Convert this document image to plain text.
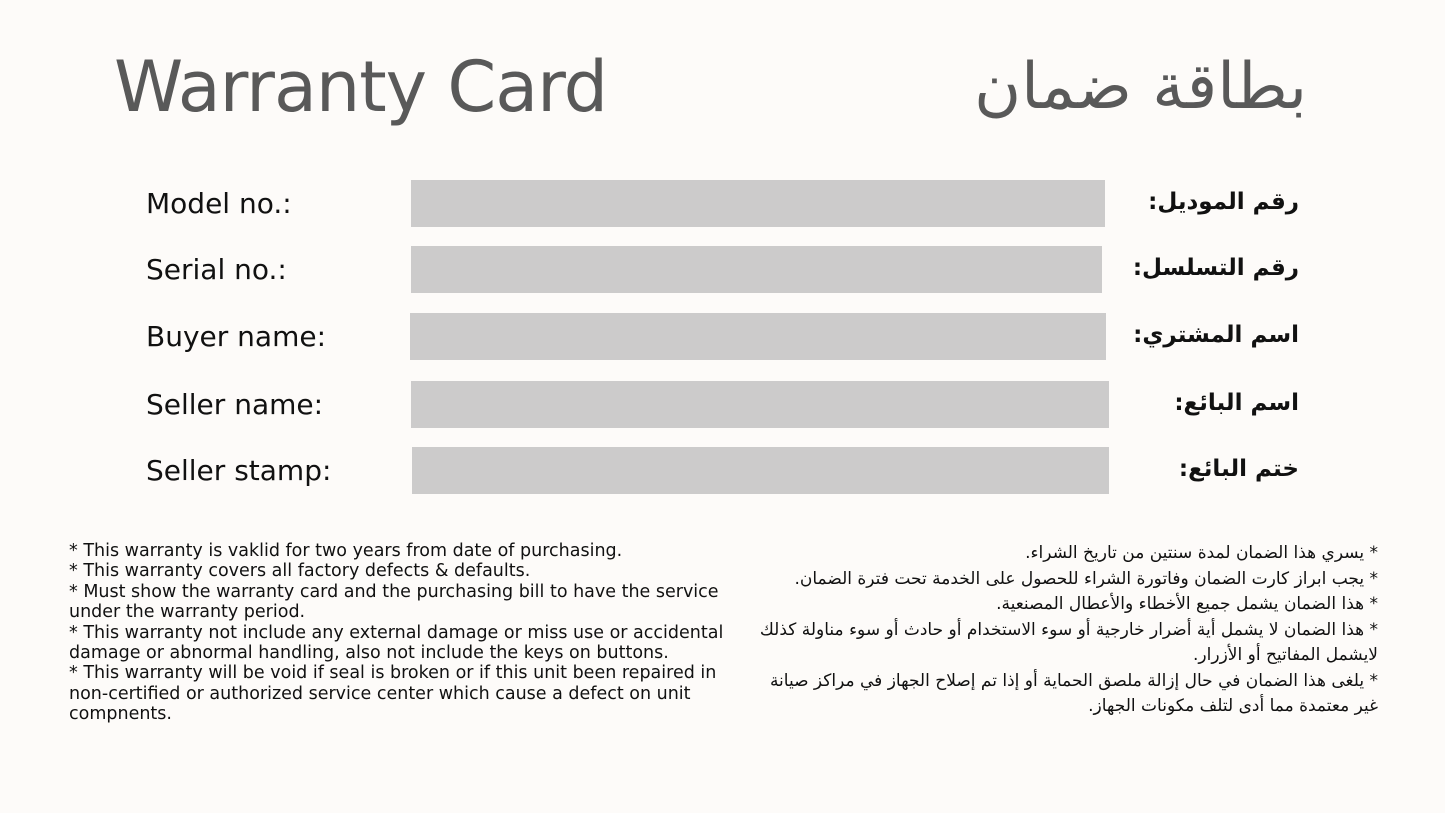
Warranty Card	بطاقة ضمان
Model no.:	رقم الموديل:
Serial no.:	رقم التسلسل:
Buyer name:	اسم المشتري:
Seller name:	اسم البائع:
Seller stamp:	ختم البائع:
* This warranty is vaklid for two years from date of purchasing.
* This warranty covers all factory defects & defaults.
* Must show the warranty card and the purchasing bill to have the service under the warranty period.
* This warranty not include any external damage or miss use or accidental damage or abnormal handling, also not include the keys on buttons.
* This warranty will be void if seal is broken or if this unit been repaired in non-certified or authorized service center which cause a defect on unit compnents.
* يسري هذا الضمان لمدة سنتين من تاريخ الشراء.
* يجب ابراز كارت الضمان وفاتورة الشراء للحصول على الخدمة تحت فترة الضمان.
* هذا الضمان يشمل جميع الأخطاء والأعطال المصنعية.
* هذا الضمان لا يشمل أية أضرار خارجية أو سوء الاستخدام أو حادث أو سوء مناولة كذلك لايشمل المفاتيح أو الأزرار.
* يلغى هذا الضمان في حال إزالة ملصق الحماية أو إذا تم إصلاح الجهاز في مراكز صيانة غير معتمدة مما أدى لتلف مكونات الجهاز.
